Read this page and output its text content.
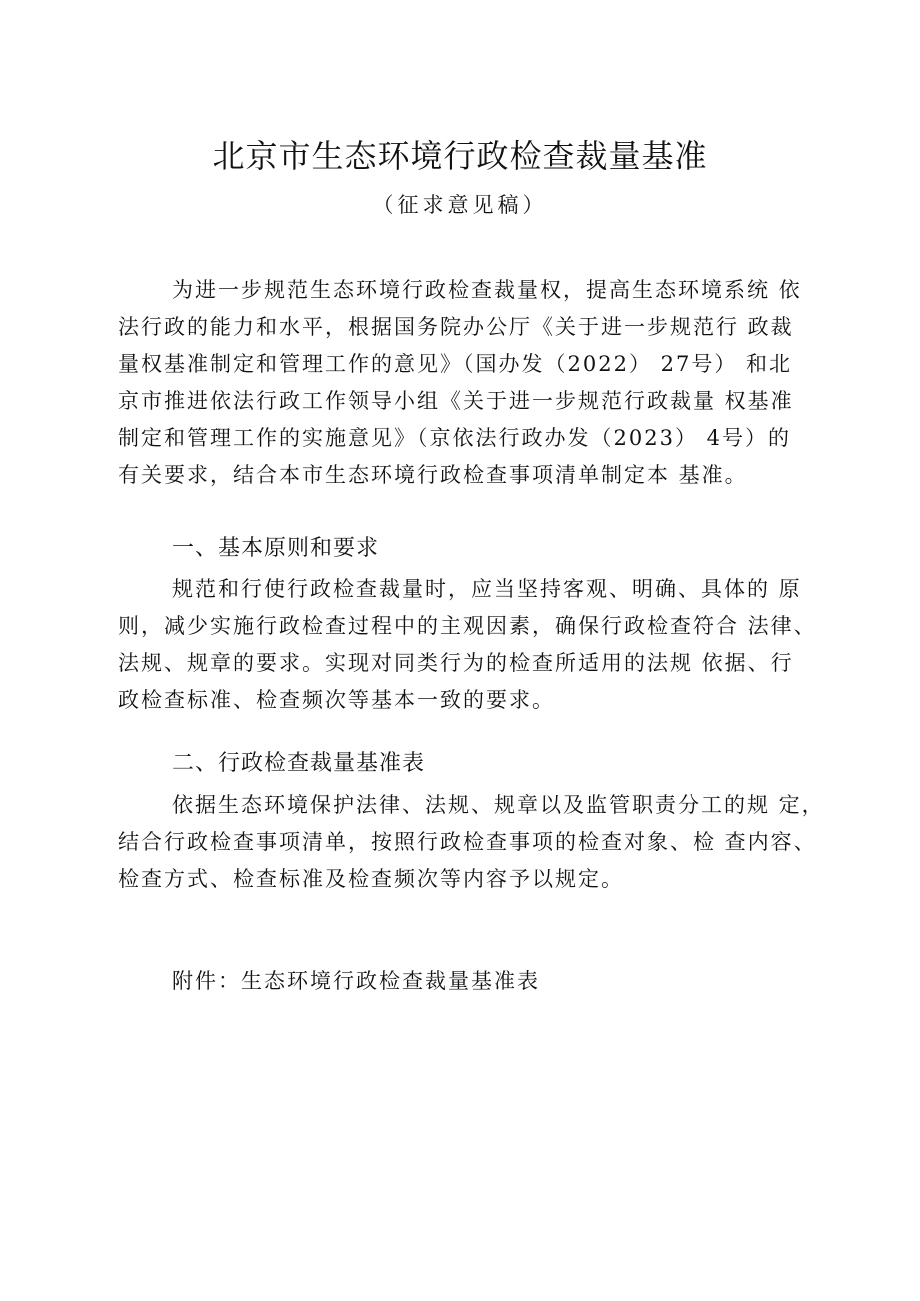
北京市生态环境行政检查裁量基准
（征求意见稿）
为进一步规范生态环境行政检查裁量权，提高生态环境系统 依
法行政的能力和水平，根据国务院办公厅《关于进一步规范行 政裁
量权基准制定和管理工作的意见》（国办发（2022） 27号） 和北
京市推进依法行政工作领导小组《关于进一步规范行政裁量 权基准
制定和管理工作的实施意见》（京依法行政办发（2023） 4号）的
有关要求，结合本市生态环境行政检查事项清单制定本 基准。
一、基本原则和要求
规范和行使行政检查裁量时，应当坚持客观、明确、具体的 原
则，减少实施行政检查过程中的主观因素，确保行政检查符合 法律、
法规、规章的要求。实现对同类行为的检查所适用的法规 依据、行
政检查标准、检查频次等基本一致的要求。
二、行政检查裁量基准表
依据生态环境保护法律、法规、规章以及监管职责分工的规 定，
结合行政检查事项清单，按照行政检查事项的检查对象、检 查内容、
检查方式、检查标准及检查频次等内容予以规定。
附件：生态环境行政检查裁量基准表
